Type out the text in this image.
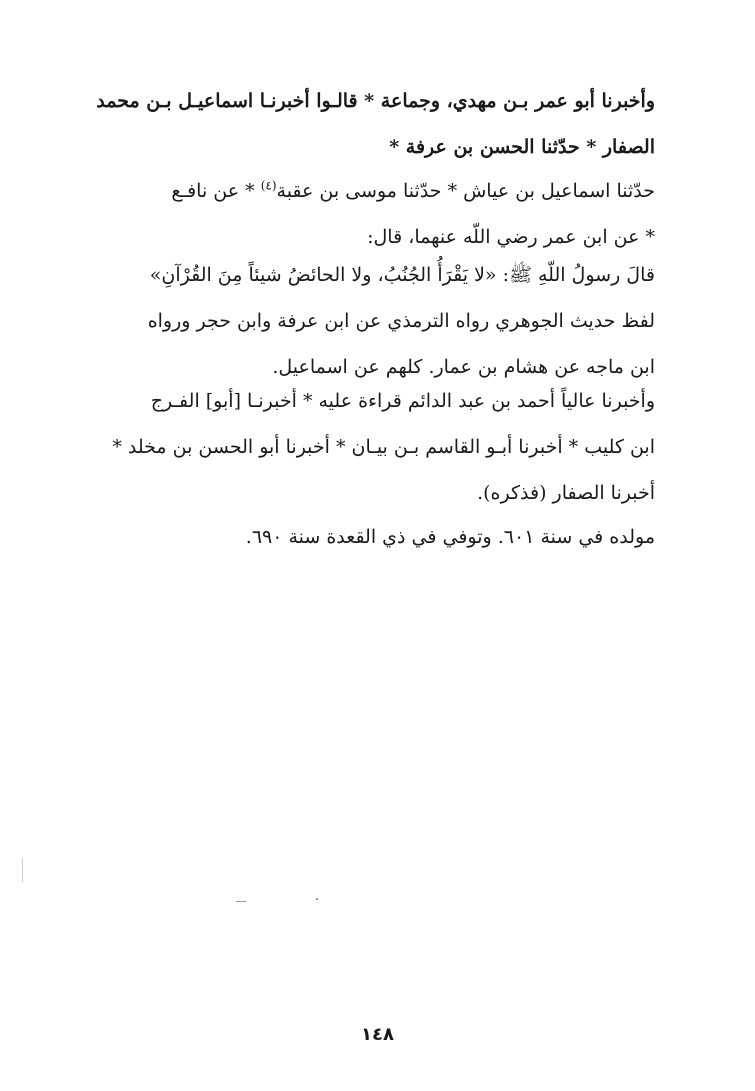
وأخبرنا أبو عمر بـن مهدي، وجماعة * قالـوا أخبرنـا اسماعيـل بـن محمد
الصفار * حدّثنا الحسن بن عرفة *
حدّثنا اسماعيل بن عياش * حدّثنا موسى بن عقبة$^{(٤)}$ * عن نافـع
* عن ابن عمر رضي اللّه عنهما، قال:
قالَ رسولُ اللّهِ ﷺ: «لا يَقْرَأُ الجُنُبُ، ولا الحائضُ شيئاً مِنَ القُرْآنِ»
لفظ حديث الجوهري رواه الترمذي عن ابن عرفة وابن حجر ورواه
ابن ماجه عن هشام بن عمار. كلهم عن اسماعيل.
وأخبرنا عالياً أحمد بن عبد الدائم قراءة عليه * أخبرنـا [أبو] الفـرج
ابن كليب * أخبرنا أبـو القاسم بـن بيـان * أخبرنا أبو الحسن بن مخلد *
أخبرنا الصفار (فذكره).
مولده في سنة ٦٠١. وتوفي في ذي القعدة سنة ٦٩٠.
١٤٨
